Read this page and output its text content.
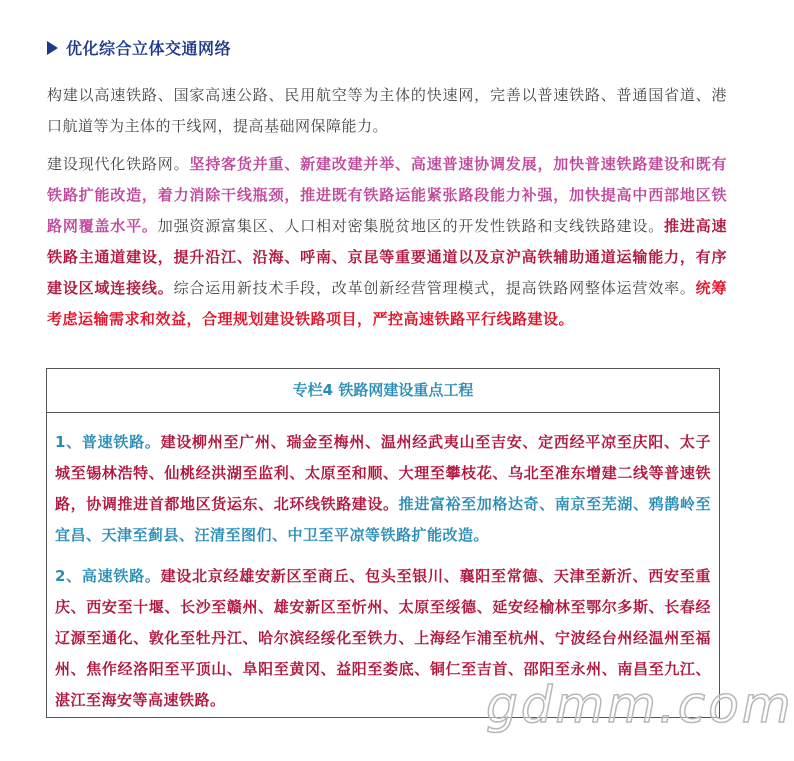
优化综合立体交通网络
构建以高速铁路、国家高速公路、民用航空等为主体的快速网，完善以普速铁路、普通国省道、港口航道等为主体的干线网，提高基础网保障能力。
建设现代化铁路网。坚持客货并重、新建改建并举、高速普速协调发展，加快普速铁路建设和既有铁路扩能改造，着力消除干线瓶颈，推进既有铁路运能紧张路段能力补强，加快提高中西部地区铁路网覆盖水平。加强资源富集区、人口相对密集脱贫地区的开发性铁路和支线铁路建设。推进高速铁路主通道建设，提升沿江、沿海、呼南、京昆等重要通道以及京沪高铁辅助通道运输能力，有序建设区域连接线。综合运用新技术手段，改革创新经营管理模式，提高铁路网整体运营效率。统筹考虑运输需求和效益，合理规划建设铁路项目，严控高速铁路平行线路建设。
专栏4 铁路网建设重点工程
1、普速铁路。建设柳州至广州、瑞金至梅州、温州经武夷山至吉安、定西经平凉至庆阳、太子城至锡林浩特、仙桃经洪湖至监利、太原至和顺、大理至攀枝花、乌北至准东增建二线等普速铁路，协调推进首都地区货运东、北环线铁路建设。推进富裕至加格达奇、南京至芜湖、鸦鹊岭至宜昌、天津至蓟县、汪清至图们、中卫至平凉等铁路扩能改造。
2、高速铁路。建设北京经雄安新区至商丘、包头至银川、襄阳至常德、天津至新沂、西安至重庆、西安至十堰、长沙至赣州、雄安新区至忻州、太原至绥德、延安经榆林至鄂尔多斯、长春经辽源至通化、敦化至牡丹江、哈尔滨经绥化至铁力、上海经乍浦至杭州、宁波经台州经温州至福州、焦作经洛阳至平顶山、阜阳至黄冈、益阳至娄底、铜仁至吉首、邵阳至永州、南昌至九江、湛江至海安等高速铁路。	gdmm.com
